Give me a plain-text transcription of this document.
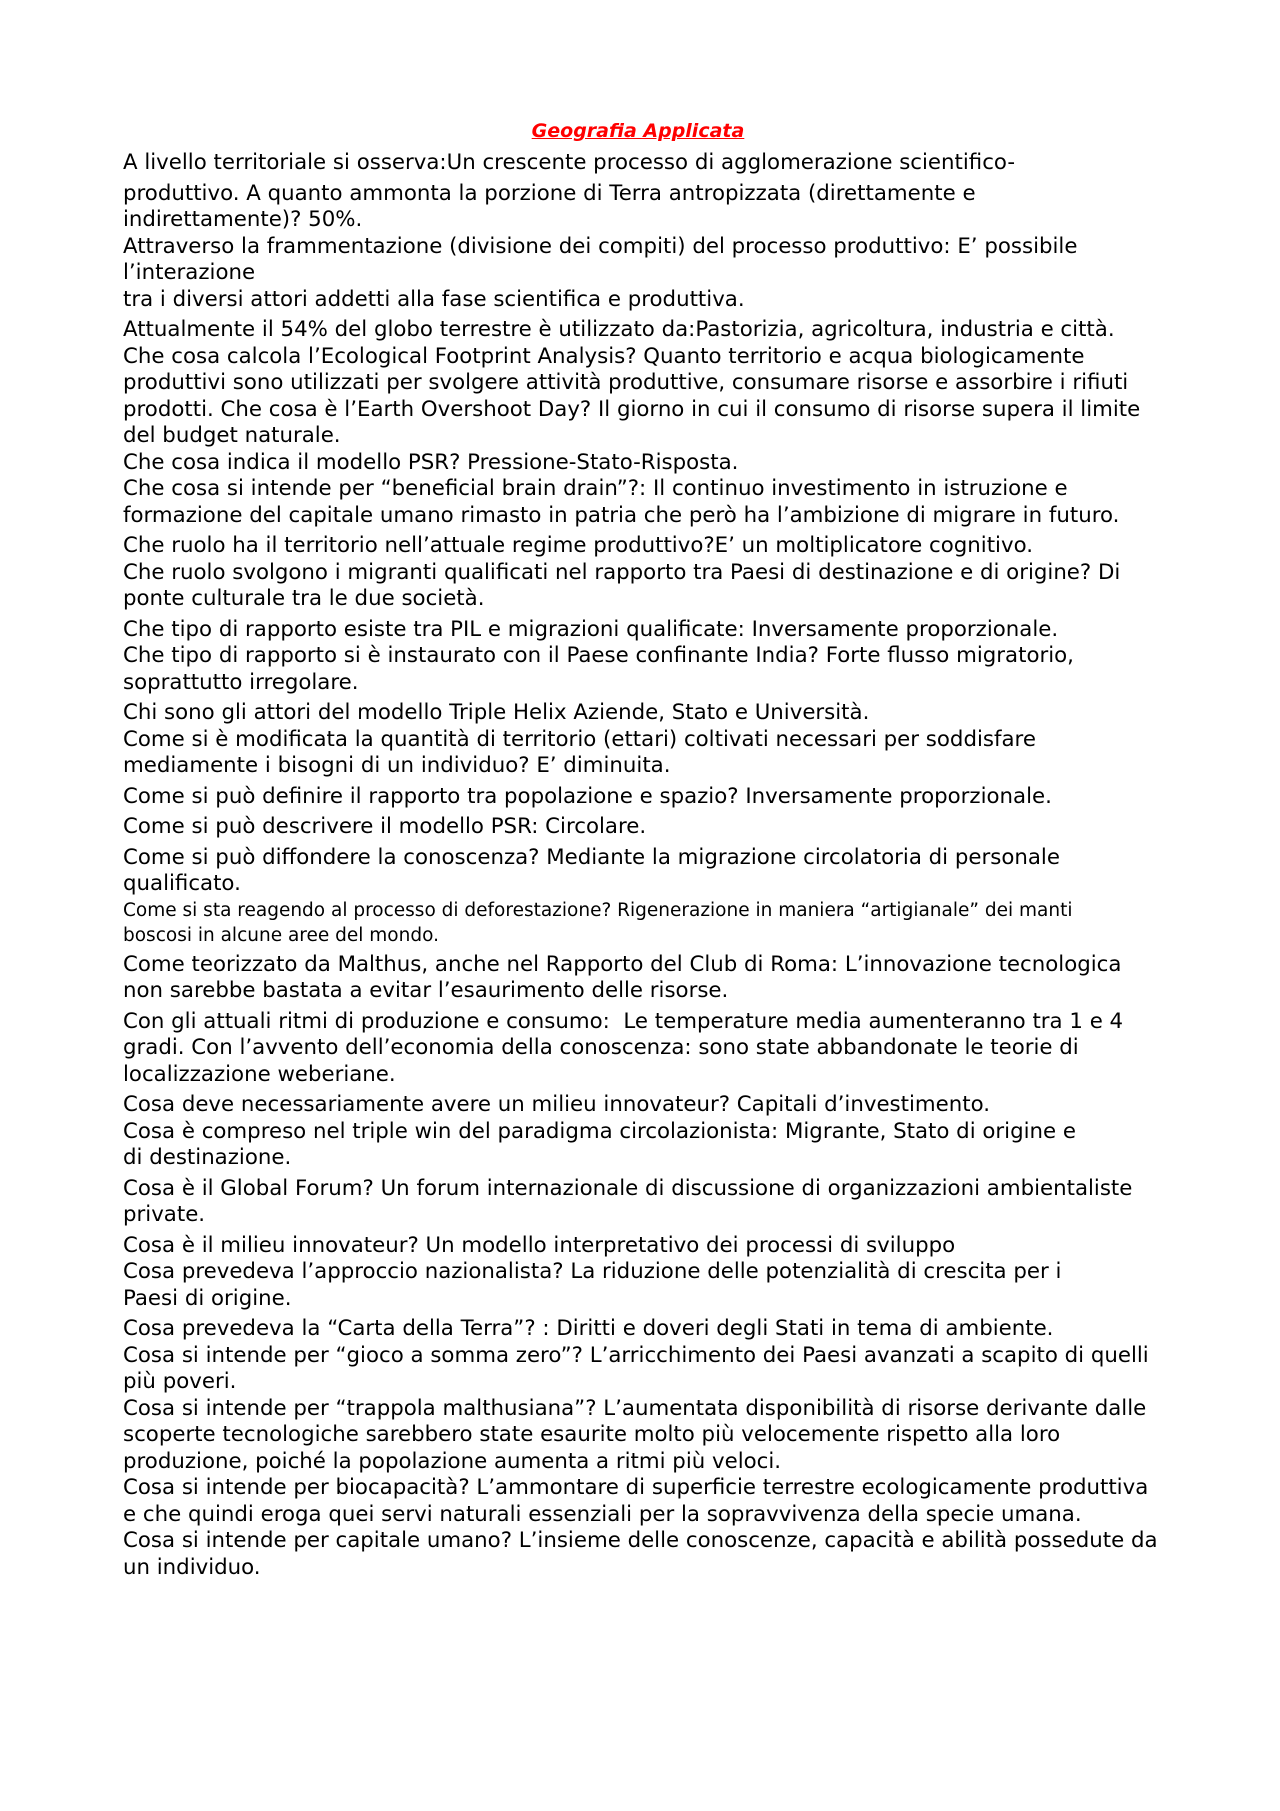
Geografia Applicata
A livello territoriale si osserva:Un crescente processo di agglomerazione scientifico-
produttivo. A quanto ammonta la porzione di Terra antropizzata (direttamente e
indirettamente)? 50%.
Attraverso la frammentazione (divisione dei compiti) del processo produttivo: E’ possibile
l’interazione
tra i diversi attori addetti alla fase scientifica e produttiva.
Attualmente il 54% del globo terrestre è utilizzato da:Pastorizia, agricoltura, industria e città.
Che cosa calcola l’Ecological Footprint Analysis? Quanto territorio e acqua biologicamente
produttivi sono utilizzati per svolgere attività produttive, consumare risorse e assorbire i rifiuti
prodotti. Che cosa è l’Earth Overshoot Day? Il giorno in cui il consumo di risorse supera il limite
del budget naturale.
Che cosa indica il modello PSR? Pressione-Stato-Risposta.
Che cosa si intende per “beneficial brain drain”?: Il continuo investimento in istruzione e
formazione del capitale umano rimasto in patria che però ha l’ambizione di migrare in futuro.
Che ruolo ha il territorio nell’attuale regime produttivo?E’ un moltiplicatore cognitivo.
Che ruolo svolgono i migranti qualificati nel rapporto tra Paesi di destinazione e di origine? Di
ponte culturale tra le due società.
Che tipo di rapporto esiste tra PIL e migrazioni qualificate: Inversamente proporzionale.
Che tipo di rapporto si è instaurato con il Paese confinante India? Forte flusso migratorio,
soprattutto irregolare.
Chi sono gli attori del modello Triple Helix Aziende, Stato e Università.
Come si è modificata la quantità di territorio (ettari) coltivati necessari per soddisfare
mediamente i bisogni di un individuo? E’ diminuita.
Come si può definire il rapporto tra popolazione e spazio? Inversamente proporzionale.
Come si può descrivere il modello PSR: Circolare.
Come si può diffondere la conoscenza? Mediante la migrazione circolatoria di personale
qualificato.
Come si sta reagendo al processo di deforestazione? Rigenerazione in maniera “artigianale” dei manti
boscosi in alcune aree del mondo.
Come teorizzato da Malthus, anche nel Rapporto del Club di Roma: L’innovazione tecnologica
non sarebbe bastata a evitar l’esaurimento delle risorse.
Con gli attuali ritmi di produzione e consumo:  Le temperature media aumenteranno tra 1 e 4
gradi. Con l’avvento dell’economia della conoscenza: sono state abbandonate le teorie di
localizzazione weberiane.
Cosa deve necessariamente avere un milieu innovateur? Capitali d’investimento.
Cosa è compreso nel triple win del paradigma circolazionista: Migrante, Stato di origine e
di destinazione.
Cosa è il Global Forum? Un forum internazionale di discussione di organizzazioni ambientaliste
private.
Cosa è il milieu innovateur? Un modello interpretativo dei processi di sviluppo
Cosa prevedeva l’approccio nazionalista? La riduzione delle potenzialità di crescita per i
Paesi di origine.
Cosa prevedeva la “Carta della Terra”? : Diritti e doveri degli Stati in tema di ambiente.
Cosa si intende per “gioco a somma zero”? L’arricchimento dei Paesi avanzati a scapito di quelli
più poveri.
Cosa si intende per “trappola malthusiana”? L’aumentata disponibilità di risorse derivante dalle
scoperte tecnologiche sarebbero state esaurite molto più velocemente rispetto alla loro
produzione, poiché la popolazione aumenta a ritmi più veloci.
Cosa si intende per biocapacità? L’ammontare di superficie terrestre ecologicamente produttiva
e che quindi eroga quei servi naturali essenziali per la sopravvivenza della specie umana.
Cosa si intende per capitale umano? L’insieme delle conoscenze, capacità e abilità possedute da
un individuo.
